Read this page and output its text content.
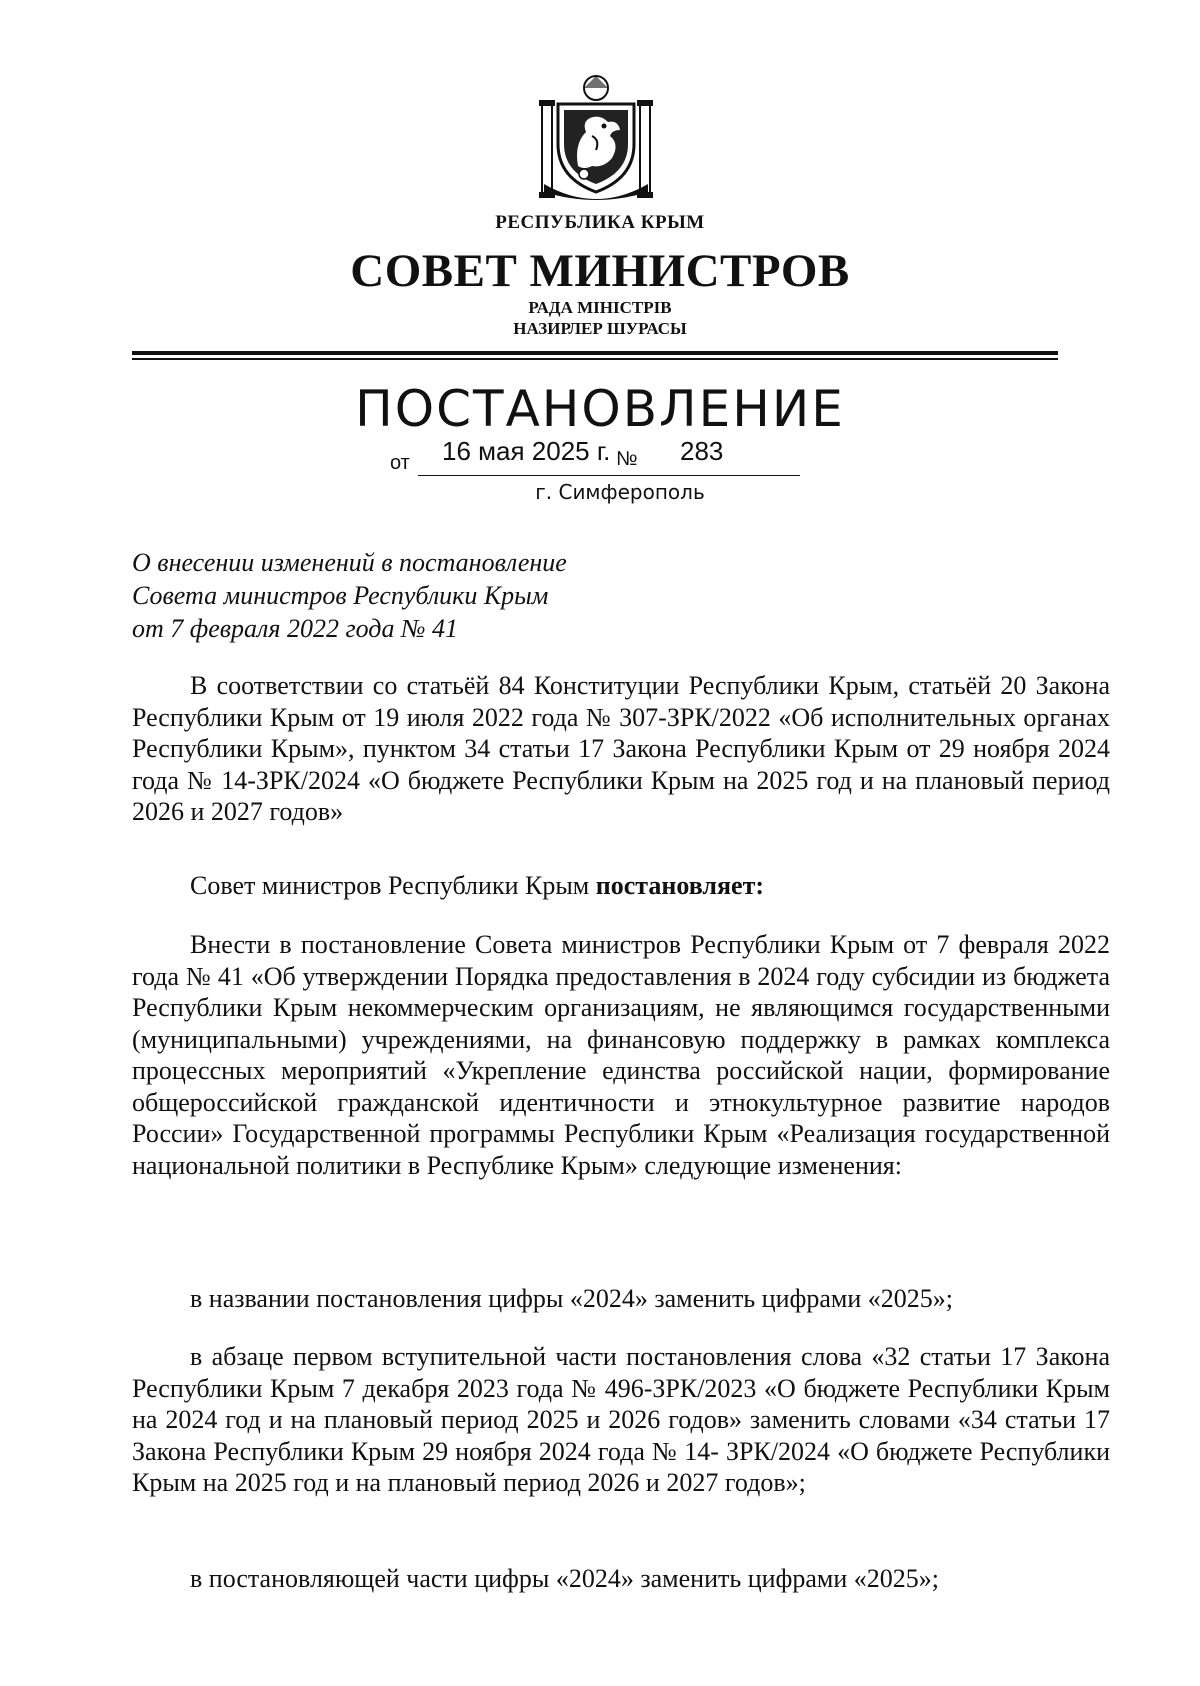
РЕСПУБЛИКА КРЫМ
СОВЕТ МИНИСТРОВ
РАДА МІНІСТРІВ
НАЗИРЛЕР ШУРАСЫ
ПОСТАНОВЛЕНИЕ
от 16 мая 2025 г. № 283
г. Симферополь
О внесении изменений в постановление
Совета министров Республики Крым
от 7 февраля 2022 года № 41

В соответствии со статьёй 84 Конституции Республики Крым, статьёй 20 Закона Республики Крым от 19 июля 2022 года № 307-ЗРК/2022 «Об исполнительных органах Республики Крым», пунктом 34 статьи 17 Закона Республики Крым от 29 ноября 2024 года № 14-ЗРК/2024 «О бюджете Республики Крым на 2025 год и на плановый период 2026 и 2027 годов»

Совет министров Республики Крым постановляет:

Внести в постановление Совета министров Республики Крым от 7 февраля 2022 года № 41 «Об утверждении Порядка предоставления в 2024 году субсидии из бюджета Республики Крым некоммерческим организациям, не являющимся государственными (муниципальными) учреждениями, на финансовую поддержку в рамках комплекса процессных мероприятий «Укрепление единства российской нации, формирование общероссийской гражданской идентичности и этнокультурное развитие народов России» Государственной программы Республики Крым «Реализация государственной национальной политики в Республике Крым» следующие изменения:

в названии постановления цифры «2024» заменить цифрами «2025»;

в абзаце первом вступительной части постановления слова «32 статьи 17 Закона Республики Крым 7 декабря 2023 года № 496-ЗРК/2023 «О бюджете Республики Крым на 2024 год и на плановый период 2025 и 2026 годов» заменить словами «34 статьи 17 Закона Республики Крым 29 ноября 2024 года № 14- ЗРК/2024 «О бюджете Республики Крым на 2025 год и на плановый период 2026 и 2027 годов»;

в постановляющей части цифры «2024» заменить цифрами «2025»;
